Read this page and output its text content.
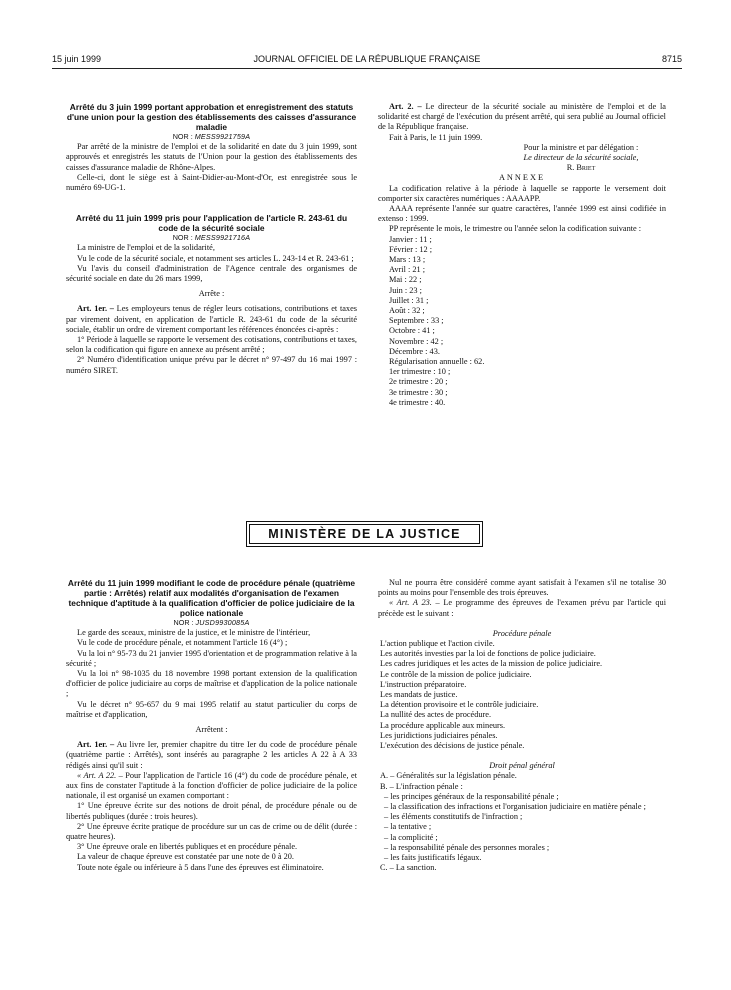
15 juin 1999	JOURNAL OFFICIEL DE LA RÉPUBLIQUE FRANÇAISE	8715

Arrêté du 3 juin 1999 portant approbation et enregistrement des statuts d'une union pour la gestion des établissements des caisses d'assurance maladie

NOR : MESS9921759A

Par arrêté de la ministre de l'emploi et de la solidarité en date du 3 juin 1999, sont approuvés et enregistrés les statuts de l'Union pour la gestion des établissements des caisses d'assurance maladie de Rhône-Alpes.

Celle-ci, dont le siège est à Saint-Didier-au-Mont-d'Or, est enregistrée sous le numéro 69-UG-1.

Arrêté du 11 juin 1999 pris pour l'application de l'article R. 243-61 du code de la sécurité sociale

NOR : MESS9921716A

La ministre de l'emploi et de la solidarité,

Vu le code de la sécurité sociale, et notamment ses articles L. 243-14 et R. 243-61 ;

Vu l'avis du conseil d'administration de l'Agence centrale des organismes de sécurité sociale en date du 26 mars 1999,

Arrête :

Art. 1er. – Les employeurs tenus de régler leurs cotisations, contributions et taxes par virement doivent, en application de l'article R. 243-61 du code de la sécurité sociale, établir un ordre de virement comportant les références énoncées ci-après :

1° Période à laquelle se rapporte le versement des cotisations, contributions et taxes, selon la codification qui figure en annexe au présent arrêté ;

2° Numéro d'identification unique prévu par le décret n° 97-497 du 16 mai 1997 : numéro SIRET.

Art. 2. – Le directeur de la sécurité sociale au ministère de l'emploi et de la solidarité est chargé de l'exécution du présent arrêté, qui sera publié au Journal officiel de la République française.

Fait à Paris, le 11 juin 1999.

Pour la ministre et par délégation :

Le directeur de la sécurité sociale,

R. Briet

ANNEXE

La codification relative à la période à laquelle se rapporte le versement doit comporter six caractères numériques : AAAAPP.

AAAA représente l'année sur quatre caractères, l'année 1999 est ainsi codifiée in extenso : 1999.

PP représente le mois, le trimestre ou l'année selon la codification suivante :

Janvier : 11 ;

Février : 12 ;

Mars : 13 ;

Avril : 21 ;

Mai : 22 ;

Juin : 23 ;

Juillet : 31 ;

Août : 32 ;

Septembre : 33 ;

Octobre : 41 ;

Novembre : 42 ;

Décembre : 43.

Régularisation annuelle : 62.

1er trimestre : 10 ;

2e trimestre : 20 ;

3e trimestre : 30 ;

4e trimestre : 40.

MINISTÈRE DE LA JUSTICE

Arrêté du 11 juin 1999 modifiant le code de procédure pénale (quatrième partie : Arrêtés) relatif aux modalités d'organisation de l'examen technique d'aptitude à la qualification d'officier de police judiciaire de la police nationale

NOR : JUSD9930085A

Le garde des sceaux, ministre de la justice, et le ministre de l'intérieur,

Vu le code de procédure pénale, et notamment l'article 16 (4°) ;

Vu la loi n° 95-73 du 21 janvier 1995 d'orientation et de programmation relative à la sécurité ;

Vu la loi n° 98-1035 du 18 novembre 1998 portant extension de la qualification d'officier de police judiciaire au corps de maîtrise et d'application de la police nationale ;

Vu le décret n° 95-657 du 9 mai 1995 relatif au statut particulier du corps de maîtrise et d'application,

Arrêtent :

Art. 1er. – Au livre Ier, premier chapitre du titre Ier du code de procédure pénale (quatrième partie : Arrêtés), sont insérés au paragraphe 2 les articles A 22 à A 33 rédigés ainsi qu'il suit :

« Art. A 22. – Pour l'application de l'article 16 (4°) du code de procédure pénale, et aux fins de constater l'aptitude à la fonction d'officier de police judiciaire de la police nationale, il est organisé un examen comportant :

1° Une épreuve écrite sur des notions de droit pénal, de procédure pénale ou de libertés publiques (durée : trois heures).

2° Une épreuve écrite pratique de procédure sur un cas de crime ou de délit (durée : quatre heures).

3° Une épreuve orale en libertés publiques et en procédure pénale.

La valeur de chaque épreuve est constatée par une note de 0 à 20.

Toute note égale ou inférieure à 5 dans l'une des épreuves est éliminatoire.

Nul ne pourra être considéré comme ayant satisfait à l'examen s'il ne totalise 30 points au moins pour l'ensemble des trois épreuves.

« Art. A 23. – Le programme des épreuves de l'examen prévu par l'article qui précède est le suivant :

Procédure pénale

L'action publique et l'action civile.

Les autorités investies par la loi de fonctions de police judiciaire.

Les cadres juridiques et les actes de la mission de police judiciaire.

Le contrôle de la mission de police judiciaire.

L'instruction préparatoire.

Les mandats de justice.

La détention provisoire et le contrôle judiciaire.

La nullité des actes de procédure.

La procédure applicable aux mineurs.

Les juridictions judiciaires pénales.

L'exécution des décisions de justice pénale.

Droit pénal général

A. – Généralités sur la législation pénale.

B. – L'infraction pénale :

– les principes généraux de la responsabilité pénale ;

– la classification des infractions et l'organisation judiciaire en matière pénale ;

– les éléments constitutifs de l'infraction ;

– la tentative ;

– la complicité ;

– la responsabilité pénale des personnes morales ;

– les faits justificatifs légaux.

C. – La sanction.
